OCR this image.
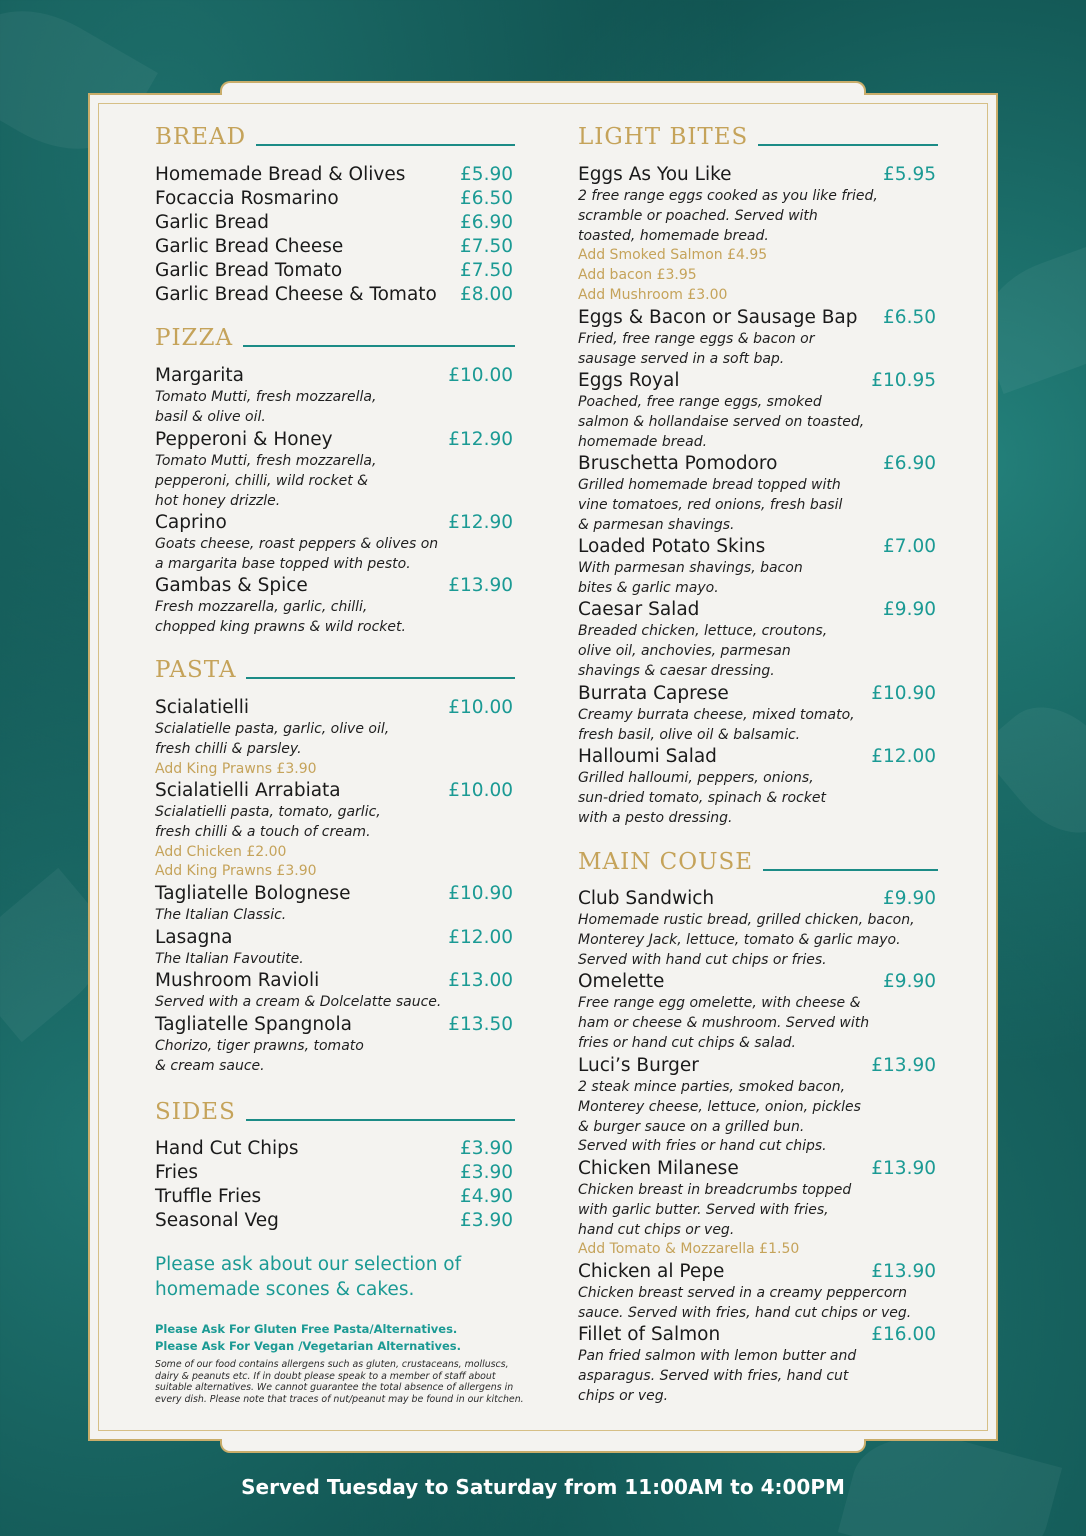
BREAD
Homemade Bread & Olives	£5.90
Focaccia Rosmarino	£6.50
Garlic Bread	£6.90
Garlic Bread Cheese	£7.50
Garlic Bread Tomato	£7.50
Garlic Bread Cheese & Tomato	£8.00
PIZZA
Margarita	£10.00
Tomato Mutti, fresh mozzarella,
basil & olive oil.
Pepperoni & Honey	£12.90
Tomato Mutti, fresh mozzarella,
pepperoni, chilli, wild rocket &
hot honey drizzle.
Caprino	£12.90
Goats cheese, roast peppers & olives on
a margarita base topped with pesto.
Gambas & Spice	£13.90
Fresh mozzarella, garlic, chilli,
chopped king prawns & wild rocket.
PASTA
Scialatielli	£10.00
Scialatielle pasta, garlic, olive oil,
fresh chilli & parsley.
Add King Prawns £3.90
Scialatielli Arrabiata	£10.00
Scialatielli pasta, tomato, garlic,
fresh chilli & a touch of cream.
Add Chicken £2.00
Add King Prawns £3.90
Tagliatelle Bolognese	£10.90
The Italian Classic.
Lasagna	£12.00
The Italian Favoutite.
Mushroom Ravioli	£13.00
Served with a cream & Dolcelatte sauce.
Tagliatelle Spangnola	£13.50
Chorizo, tiger prawns, tomato
& cream sauce.
SIDES
Hand Cut Chips	£3.90
Fries	£3.90
Truffle Fries	£4.90
Seasonal Veg	£3.90
LIGHT BITES
Eggs As You Like	£5.95
2 free range eggs cooked as you like fried,
scramble or poached. Served with
toasted, homemade bread.
Add Smoked Salmon £4.95
Add bacon £3.95
Add Mushroom £3.00
Eggs & Bacon or Sausage Bap	£6.50
Fried, free range eggs & bacon or
sausage served in a soft bap.
Eggs Royal	£10.95
Poached, free range eggs, smoked
salmon & hollandaise served on toasted,
homemade bread.
Bruschetta Pomodoro	£6.90
Grilled homemade bread topped with
vine tomatoes, red onions, fresh basil
& parmesan shavings.
Loaded Potato Skins	£7.00
With parmesan shavings, bacon
bites & garlic mayo.
Caesar Salad	£9.90
Breaded chicken, lettuce, croutons,
olive oil, anchovies, parmesan
shavings & caesar dressing.
Burrata Caprese	£10.90
Creamy burrata cheese, mixed tomato,
fresh basil, olive oil & balsamic.
Halloumi Salad	£12.00
Grilled halloumi, peppers, onions,
sun-dried tomato, spinach & rocket
with a pesto dressing.
MAIN COUSE
Club Sandwich	£9.90
Homemade rustic bread, grilled chicken, bacon,
Monterey Jack, lettuce, tomato & garlic mayo.
Served with hand cut chips or fries.
Omelette	£9.90
Free range egg omelette, with cheese &
ham or cheese & mushroom. Served with
fries or hand cut chips & salad.
Luci’s Burger	£13.90
2 steak mince parties, smoked bacon,
Monterey cheese, lettuce, onion, pickles
& burger sauce on a grilled bun.
Served with fries or hand cut chips.
Chicken Milanese	£13.90
Chicken breast in breadcrumbs topped
with garlic butter. Served with fries,
hand cut chips or veg.
Add Tomato & Mozzarella £1.50
Chicken al Pepe	£13.90
Chicken breast served in a creamy peppercorn
sauce. Served with fries, hand cut chips or veg.
Fillet of Salmon	£16.00
Pan fried salmon with lemon butter and
asparagus. Served with fries, hand cut
chips or veg.
Please ask about our selection of
homemade scones & cakes.
Please Ask For Gluten Free Pasta/Alternatives.
Please Ask For Vegan /Vegetarian Alternatives.
Some of our food contains allergens such as gluten, crustaceans, molluscs, dairy & peanuts etc. If in doubt please speak to a member of staff about suitable alternatives. We cannot guarantee the total absence of allergens in every dish. Please note that traces of nut/peanut may be found in our kitchen.
Served Tuesday to Saturday from 11:00AM to 4:00PM
